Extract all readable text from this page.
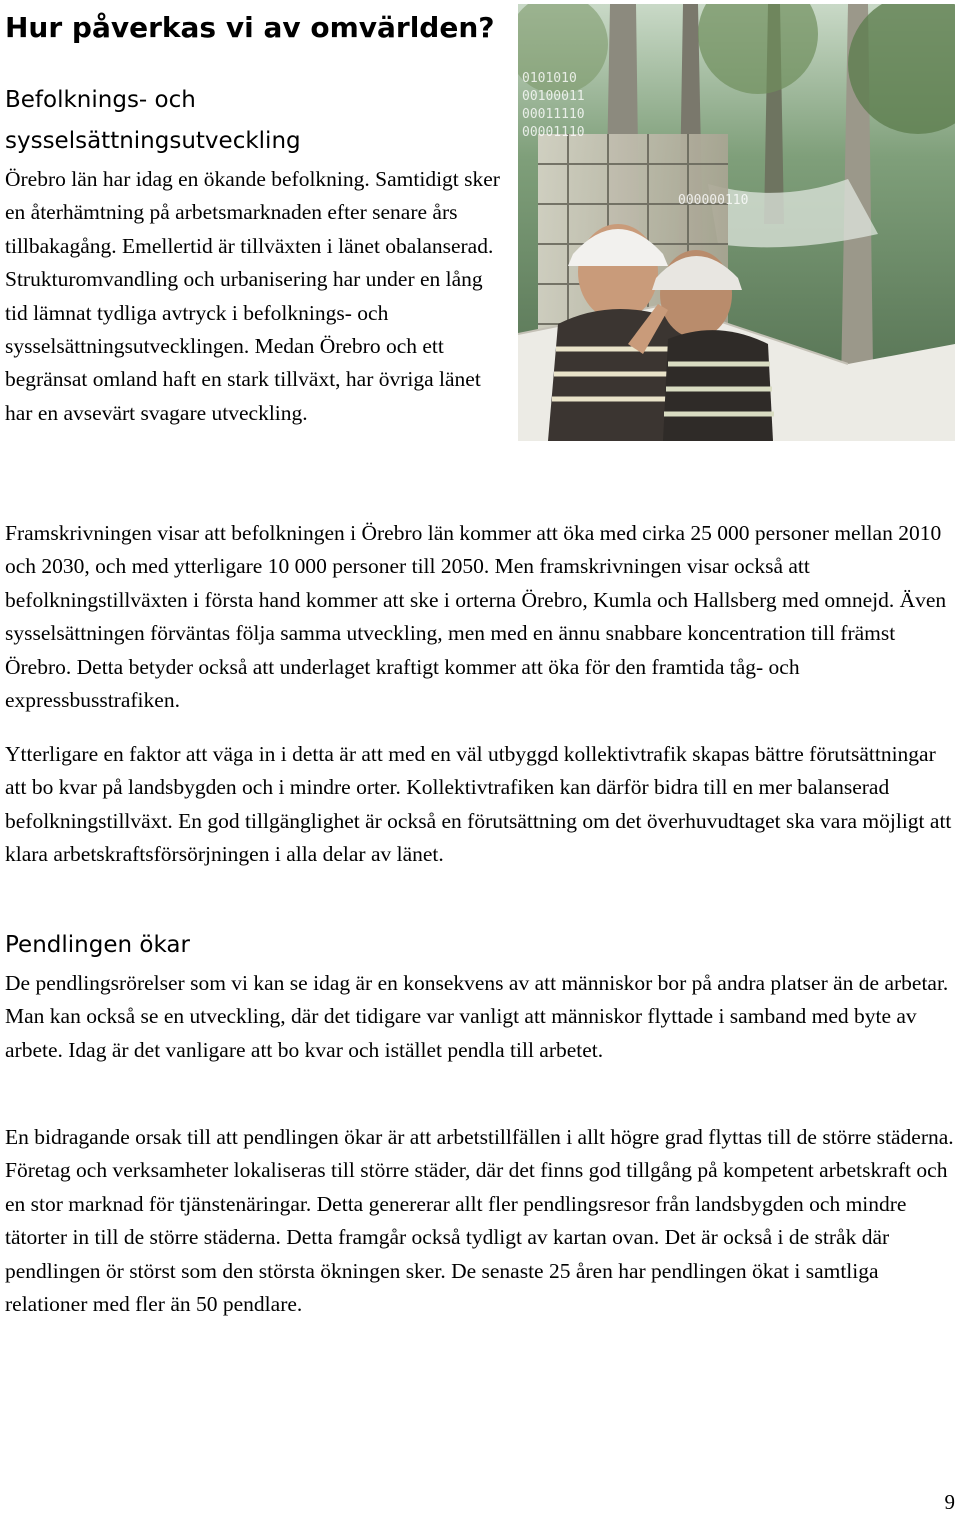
Hur påverkas vi av omvärlden?
Befolknings- och
sysselsättningsutveckling

Örebro län har idag en ökande befolkning. Samtidigt sker en återhämtning på arbetsmarknaden efter senare års tillbakagång. Emellertid är tillväxten i länet obalanserad. Strukturomvandling och urbanisering har under en lång tid lämnat tydliga avtryck i befolknings- och sysselsättningsutvecklingen. Medan Örebro och ett begränsat omland haft en stark tillväxt, har övriga länet har en avsevärt svagare utveckling.

0101010
00100011
00011110
00001110
000000110

Framskrivningen visar att befolkningen i Örebro län kommer att öka med cirka 25 000 personer mellan 2010 och 2030, och med ytterligare 10 000 personer till 2050. Men framskrivningen visar också att befolkningstillväxten i första hand kommer att ske i orterna Örebro, Kumla och Hallsberg med omnejd. Även sysselsättningen förväntas följa samma utveckling, men med en ännu snabbare koncentration till främst Örebro. Detta betyder också att underlaget kraftigt kommer att öka för den framtida tåg- och expressbusstrafiken.

Ytterligare en faktor att väga in i detta är att med en väl utbyggd kollektivtrafik skapas bättre förutsättningar att bo kvar på landsbygden och i mindre orter. Kollektivtrafiken kan därför bidra till en mer balanserad befolkningstillväxt. En god tillgänglighet är också en förutsättning om det överhuvudtaget ska vara möjligt att klara arbetskraftsförsörjningen i alla delar av länet.

Pendlingen ökar

De pendlingsrörelser som vi kan se idag är en konsekvens av att människor bor på andra platser än de arbetar. Man kan också se en utveckling, där det tidigare var vanligt att människor flyttade i samband med byte av arbete. Idag är det vanligare att bo kvar och istället pendla till arbetet.

En bidragande orsak till att pendlingen ökar är att arbetstillfällen i allt högre grad flyttas till de större städerna. Företag och verksamheter lokaliseras till större städer, där det finns god tillgång på kompetent arbetskraft och en stor marknad för tjänstenäringar. Detta genererar allt fler pendlingsresor från landsbygden och mindre tätorter in till de större städerna. Detta framgår också tydligt av kartan ovan. Det är också i de stråk där pendlingen ör störst som den största ökningen sker. De senaste 25 åren har pendlingen ökat i samtliga relationer med fler än 50 pendlare.

9
